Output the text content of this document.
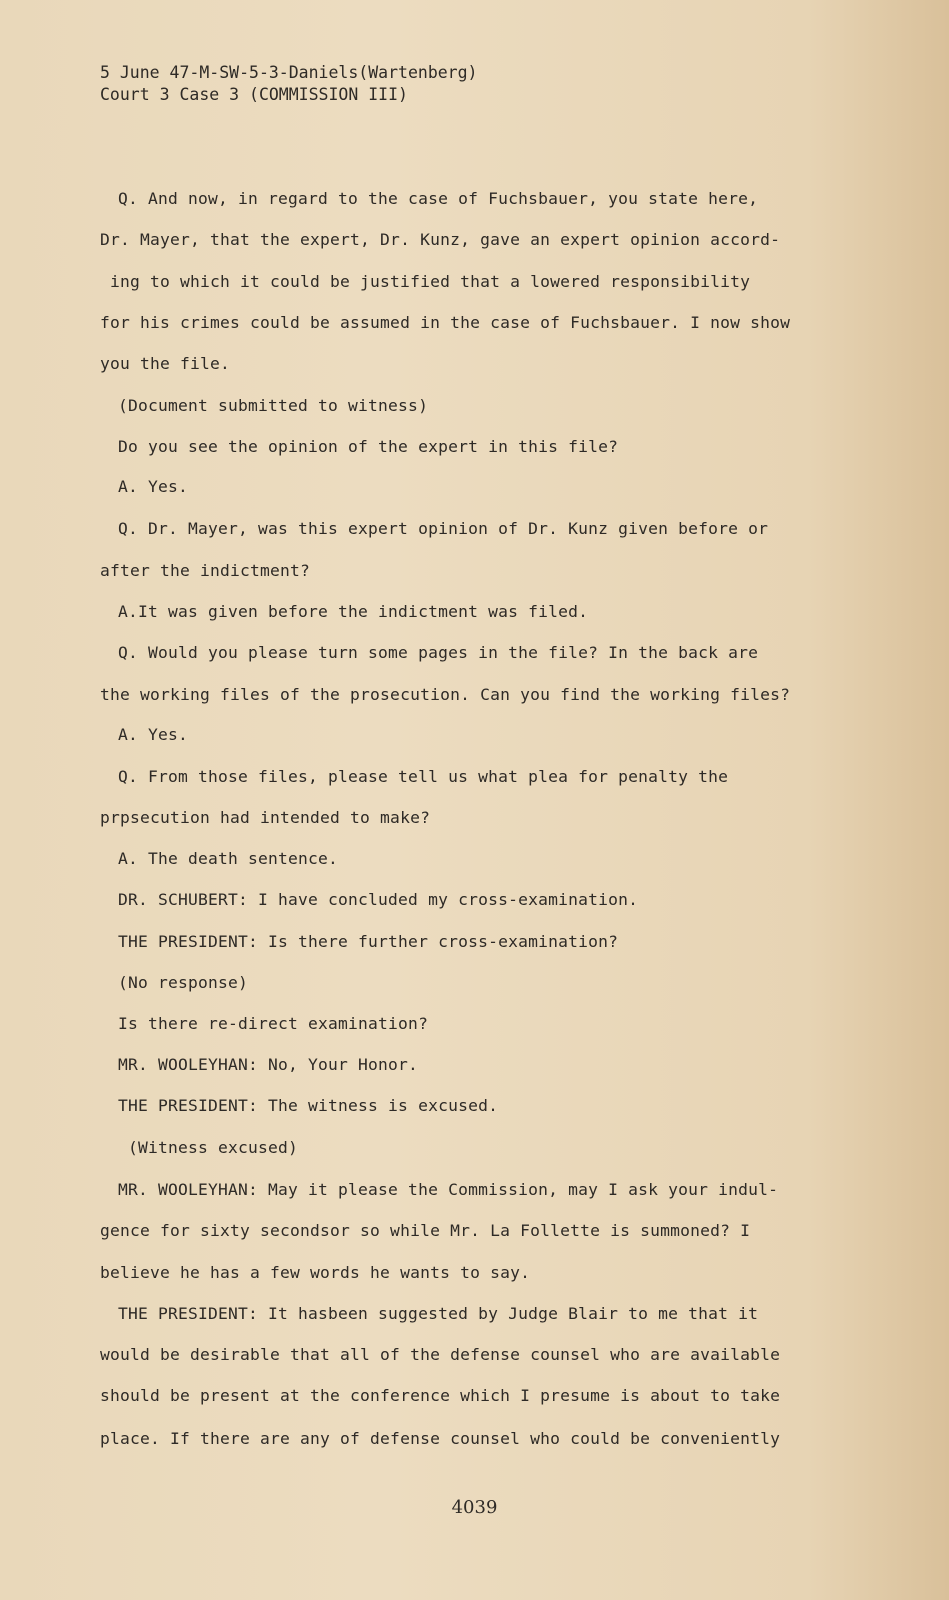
5 June 47-M-SW-5-3-Daniels(Wartenberg)
Court 3 Case 3 (COMMISSION III)
Q. And now, in regard to the case of Fuchsbauer, you state here,
Dr. Mayer, that the expert, Dr. Kunz, gave an expert opinion accord-
ing to which it could be justified that a lowered responsibility
for his crimes could be assumed in the case of Fuchsbauer. I now show
you the file.
(Document submitted to witness)
Do you see the opinion of the expert in this file?
A. Yes.
Q. Dr. Mayer, was this expert opinion of Dr. Kunz given before or
after the indictment?
A.It was given before the indictment was filed.
Q. Would you please turn some pages in the file? In the back are
the working files of the prosecution. Can you find the working files?
A. Yes.
Q. From those files, please tell us what plea for penalty the
prpsecution had intended to make?
A. The death sentence.
DR. SCHUBERT: I have concluded my cross-examination.
THE PRESIDENT: Is there further cross-examination?
(No response)
Is there re-direct examination?
MR. WOOLEYHAN: No, Your Honor.
THE PRESIDENT: The witness is excused.
(Witness excused)
MR. WOOLEYHAN: May it please the Commission, may I ask your indul-
gence for sixty secondsor so while Mr. La Follette is summoned? I
believe he has a few words he wants to say.
THE PRESIDENT: It hasbeen suggested by Judge Blair to me that it
would be desirable that all of the defense counsel who are available
should be present at the conference which I presume is about to take
place. If there are any of defense counsel who could be conveniently
4039
